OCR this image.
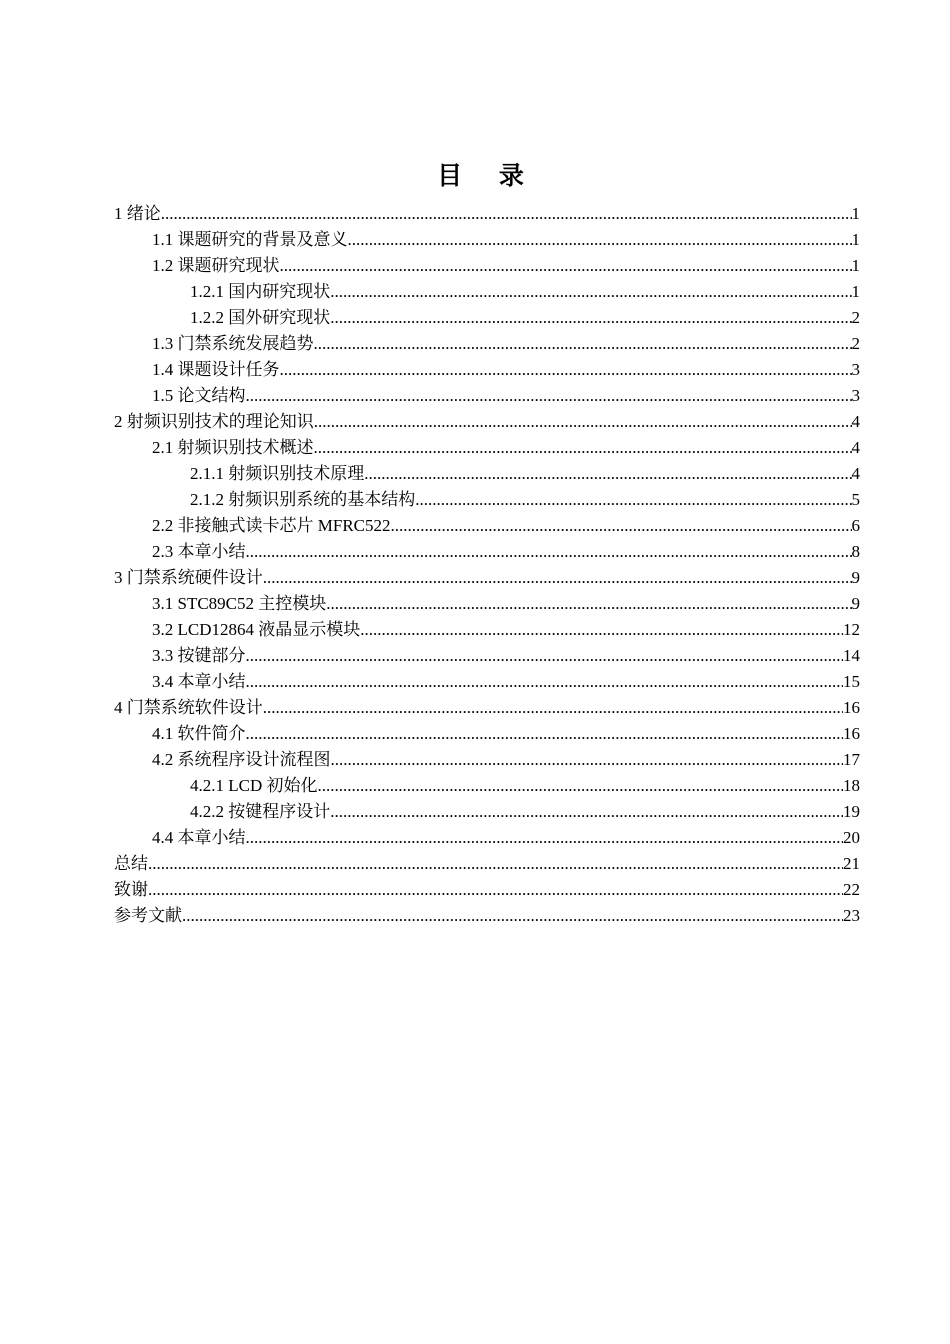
目 录
1 绪论 .....	1
1.1 课题研究的背景及意义 .....	1
1.2 课题研究现状 .....	1
1.2.1 国内研究现状 .....	1
1.2.2 国外研究现状 .....	2
1.3 门禁系统发展趋势 .....	2
1.4 课题设计任务 .....	3
1.5 论文结构 .....	3
2 射频识别技术的理论知识 .....	4
2.1 射频识别技术概述 .....	4
2.1.1 射频识别技术原理 .....	4
2.1.2 射频识别系统的基本结构 .....	5
2.2 非接触式读卡芯片 MFRC522 .....	6
2.3 本章小结 .....	8
3 门禁系统硬件设计 .....	9
3.1 STC89C52 主控模块 .....	9
3.2 LCD12864 液晶显示模块 .....	12
3.3 按键部分 .....	14
3.4 本章小结 .....	15
4 门禁系统软件设计 .....	16
4.1 软件简介 .....	16
4.2 系统程序设计流程图 .....	17
4.2.1 LCD 初始化 .....	18
4.2.2 按键程序设计 .....	19
4.4 本章小结 .....	20
总结 .....	21
致谢 .....	22
参考文献 .....	23
